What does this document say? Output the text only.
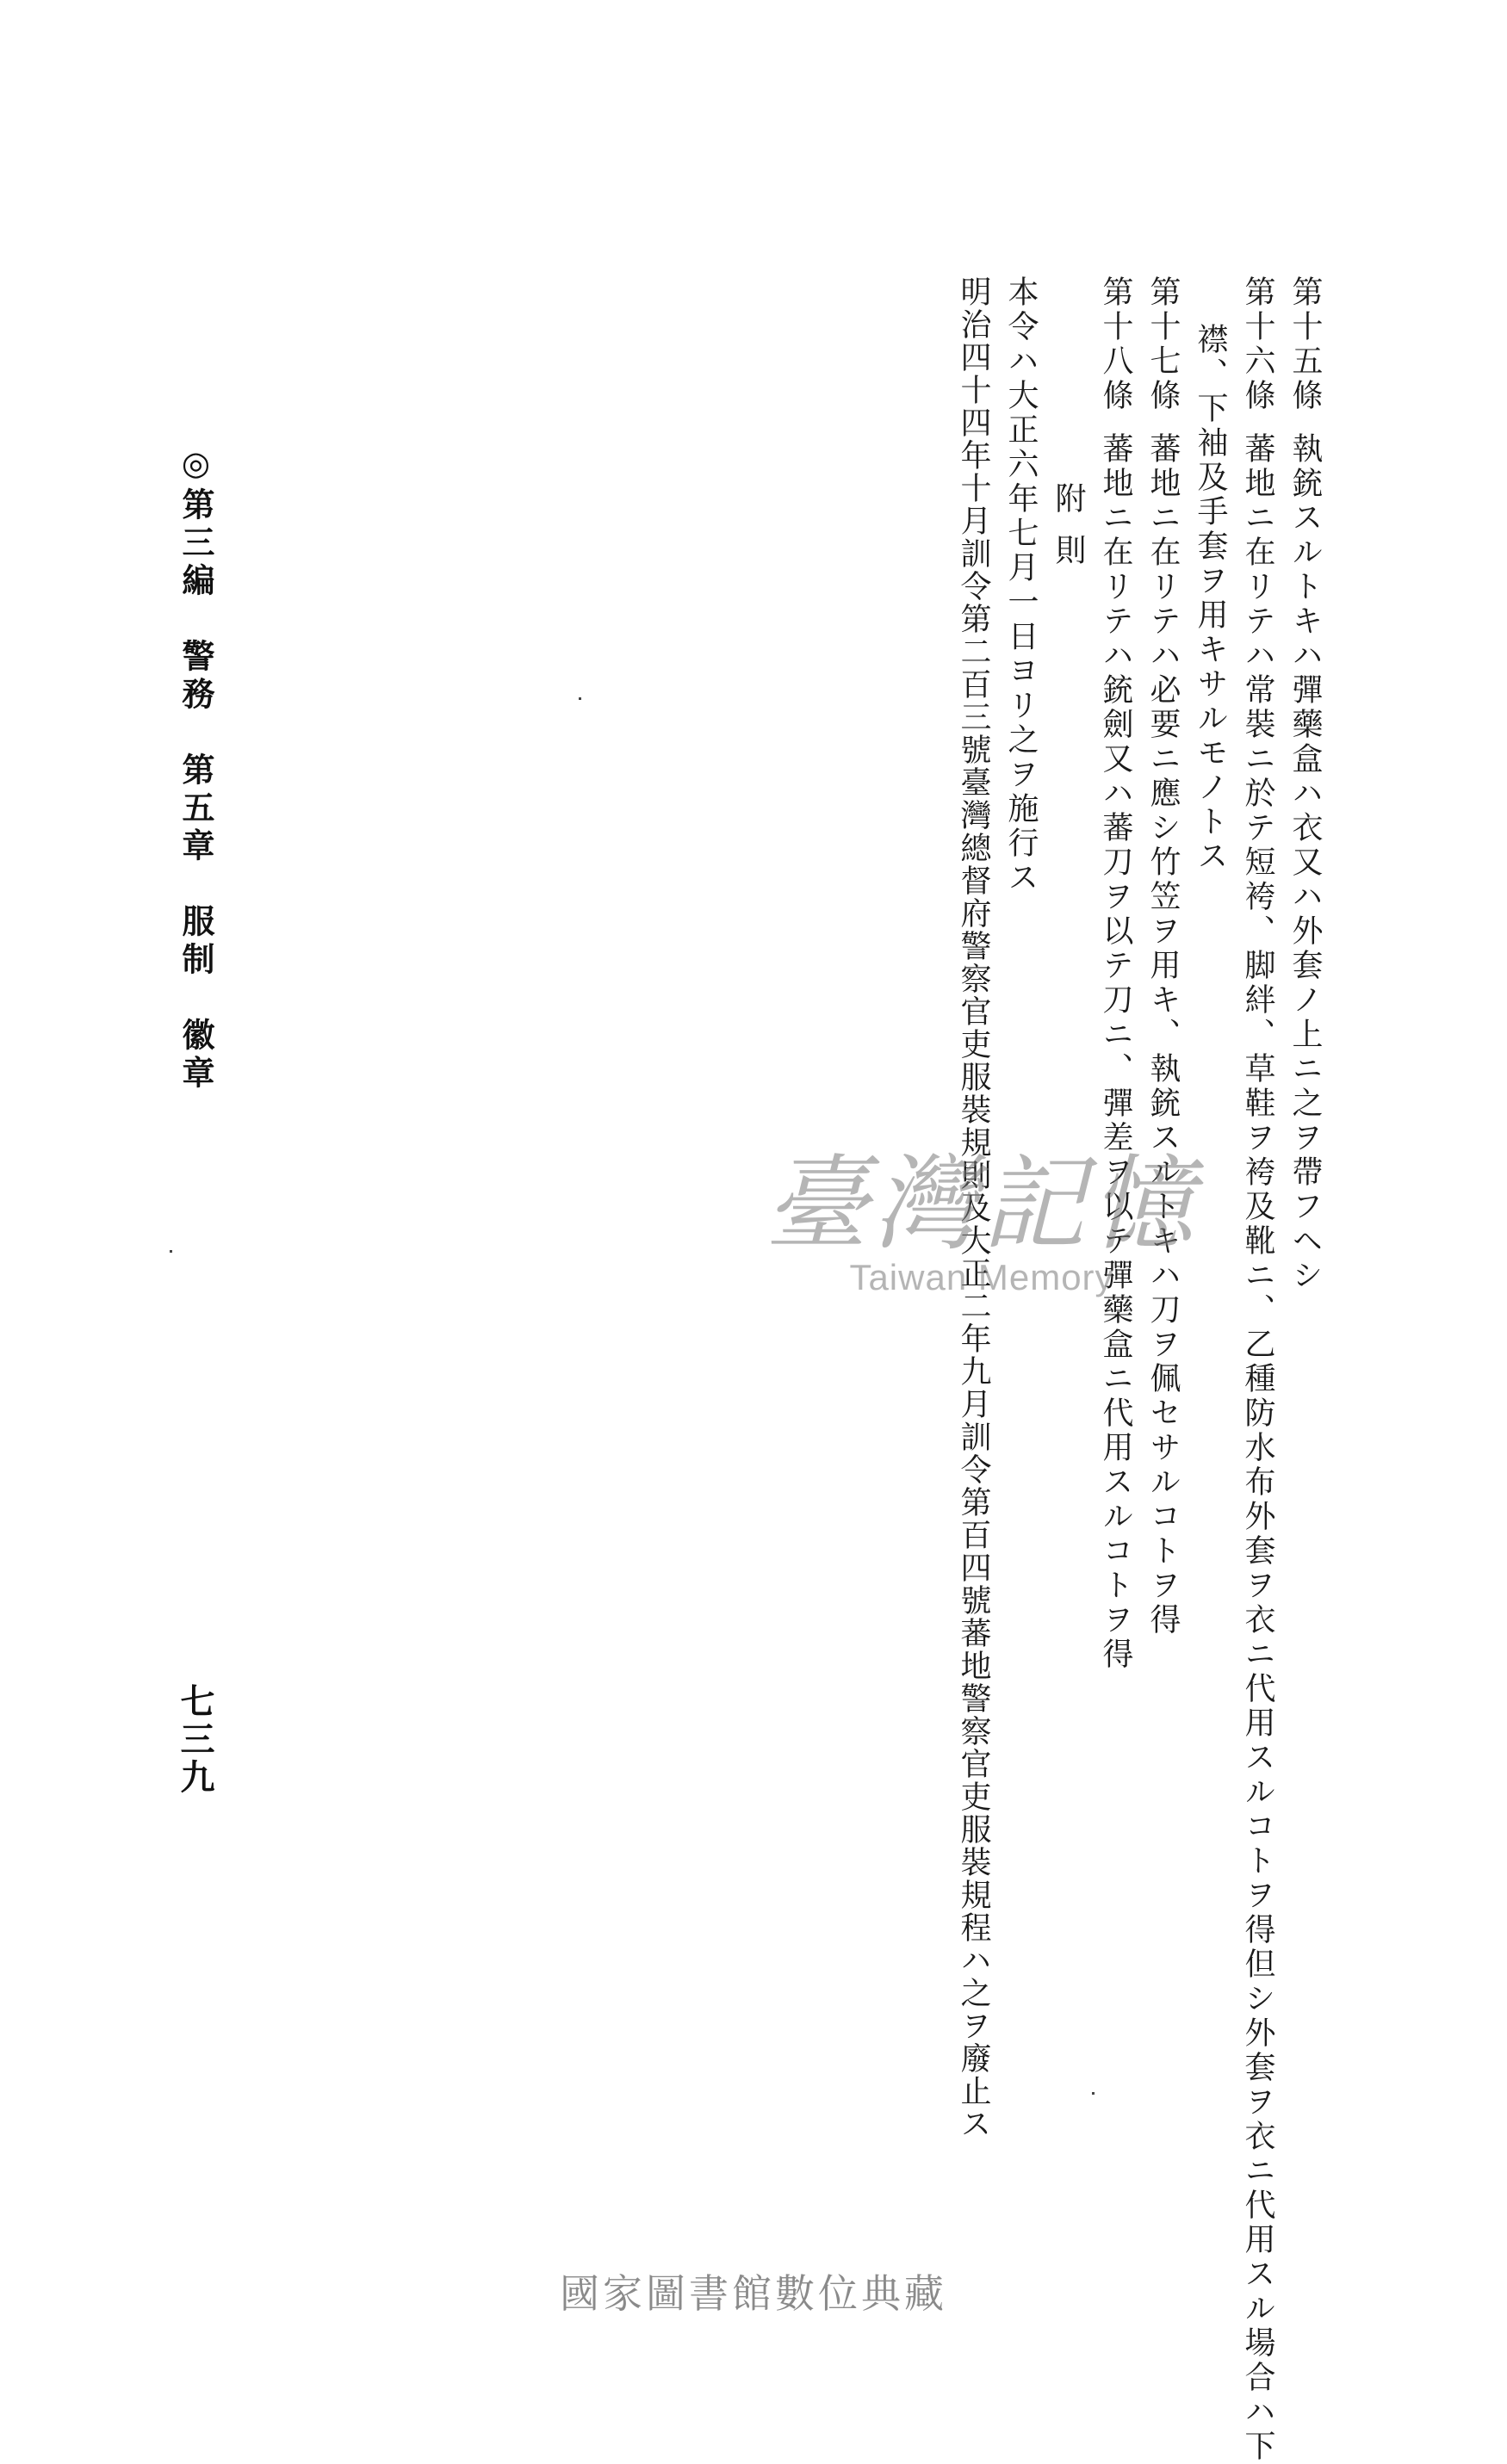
第十五條執銃スルトキハ彈藥盒ハ衣又ハ外套ノ上ニ之ヲ帶フヘシ
第十六條蕃地ニ在リテハ常裝ニ於テ短袴、脚絆、草鞋ヲ袴及靴ニ、乙種防水布外套ヲ衣ニ代用スルコトヲ得但シ外套ヲ衣ニ代用スル場合ハ下
襟、下袖及手套ヲ用キサルモノトス
第十七條蕃地ニ在リテハ必要ニ應シ竹笠ヲ用キ、執銃スルトキハ刀ヲ佩セサルコトヲ得
第十八條蕃地ニ在リテハ銃劍又ハ蕃刀ヲ以テ刀ニ、彈差ヲ以テ彈藥盒ニ代用スルコトヲ得
附則
本令ハ大正六年七月一日ヨリ之ヲ施行ス
明治四十四年十月訓令第二百三號臺灣總督府警察官吏服裝規則及大正二年九月訓令第百四號蕃地警察官吏服裝規程ハ之ヲ廢止ス
◎第三編　警務　第五章　服制　徽章
七三九
臺灣記憶
Taiwan Memory
國家圖書館數位典藏
